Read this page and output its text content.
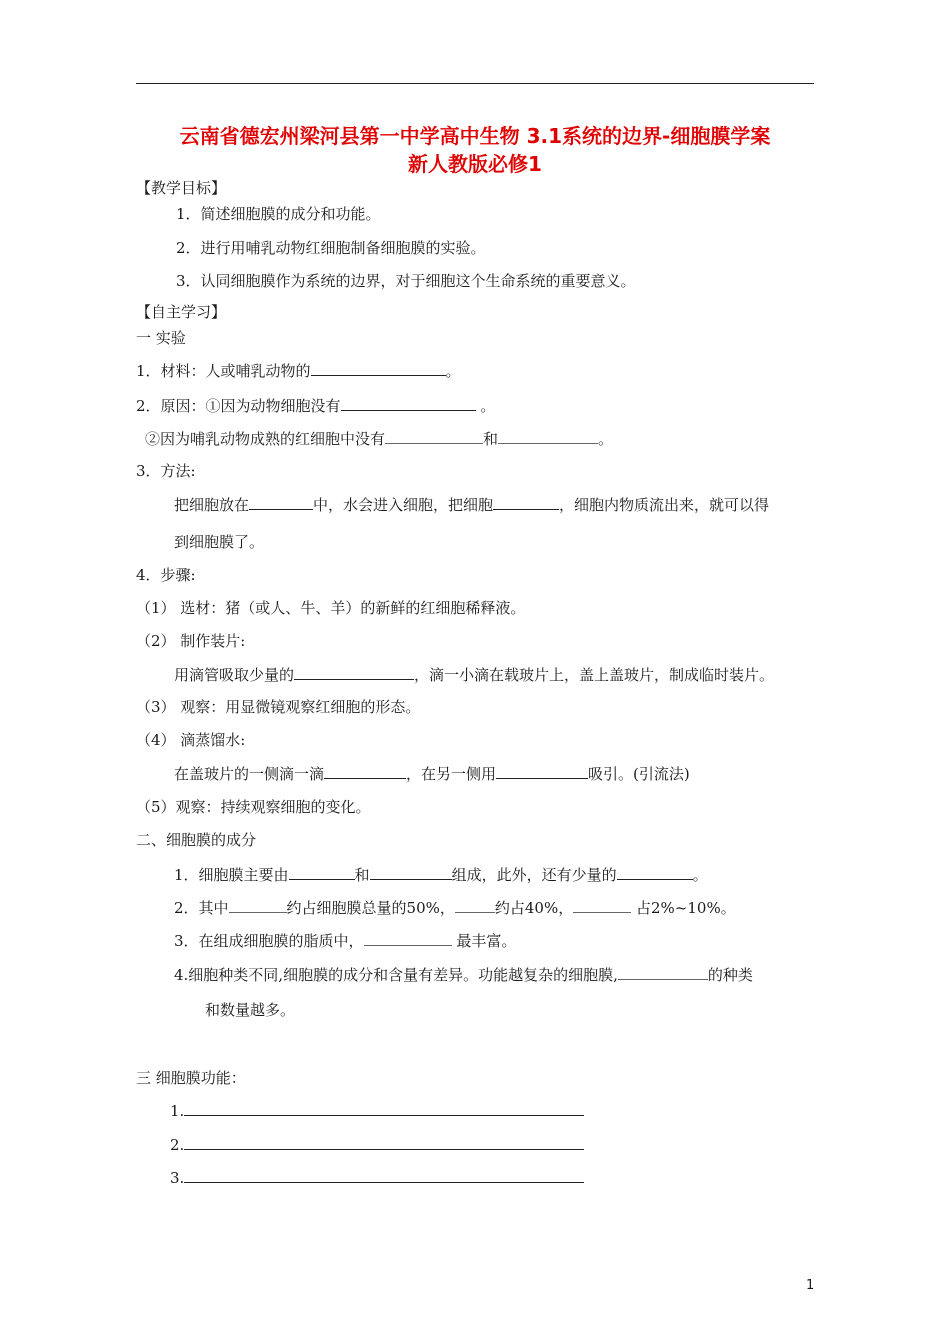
云南省德宏州梁河县第一中学高中生物 3.1系统的边界-细胞膜学案
新人教版必修1
【教学目标】
1．简述细胞膜的成分和功能。
2．进行用哺乳动物红细胞制备细胞膜的实验。
3．认同细胞膜作为系统的边界，对于细胞这个生命系统的重要意义。
【自主学习】
一 实验
1．材料：人或哺乳动物的	。
2．原因：①因为动物细胞没有	。
②因为哺乳动物成熟的红细胞中没有	和	。
3．方法:
把细胞放在	中，水会进入细胞，把细胞	，细胞内物质流出来，就可以得
到细胞膜了。
4．步骤:
（1） 选材：猪（或人、牛、羊）的新鲜的红细胞稀释液。
（2） 制作装片:
用滴管吸取少量的	，滴一小滴在载玻片上，盖上盖玻片，制成临时装片。
（3） 观察：用显微镜观察红细胞的形态。
（4） 滴蒸馏水:
在盖玻片的一侧滴一滴	，在另一侧用	吸引。(引流法)
（5）观察：持续观察细胞的变化。
二、细胞膜的成分
1．细胞膜主要由	和	组成，此外，还有少量的	。
2．其中	约占细胞膜总量的50%，	约占40%，	占2%~10%。
3．在组成细胞膜的脂质中，	最丰富。
4.细胞种类不同,细胞膜的成分和含量有差异。功能越复杂的细胞膜,	的种类
和数量越多。
三 细胞膜功能：
1.
2.
3.
1
